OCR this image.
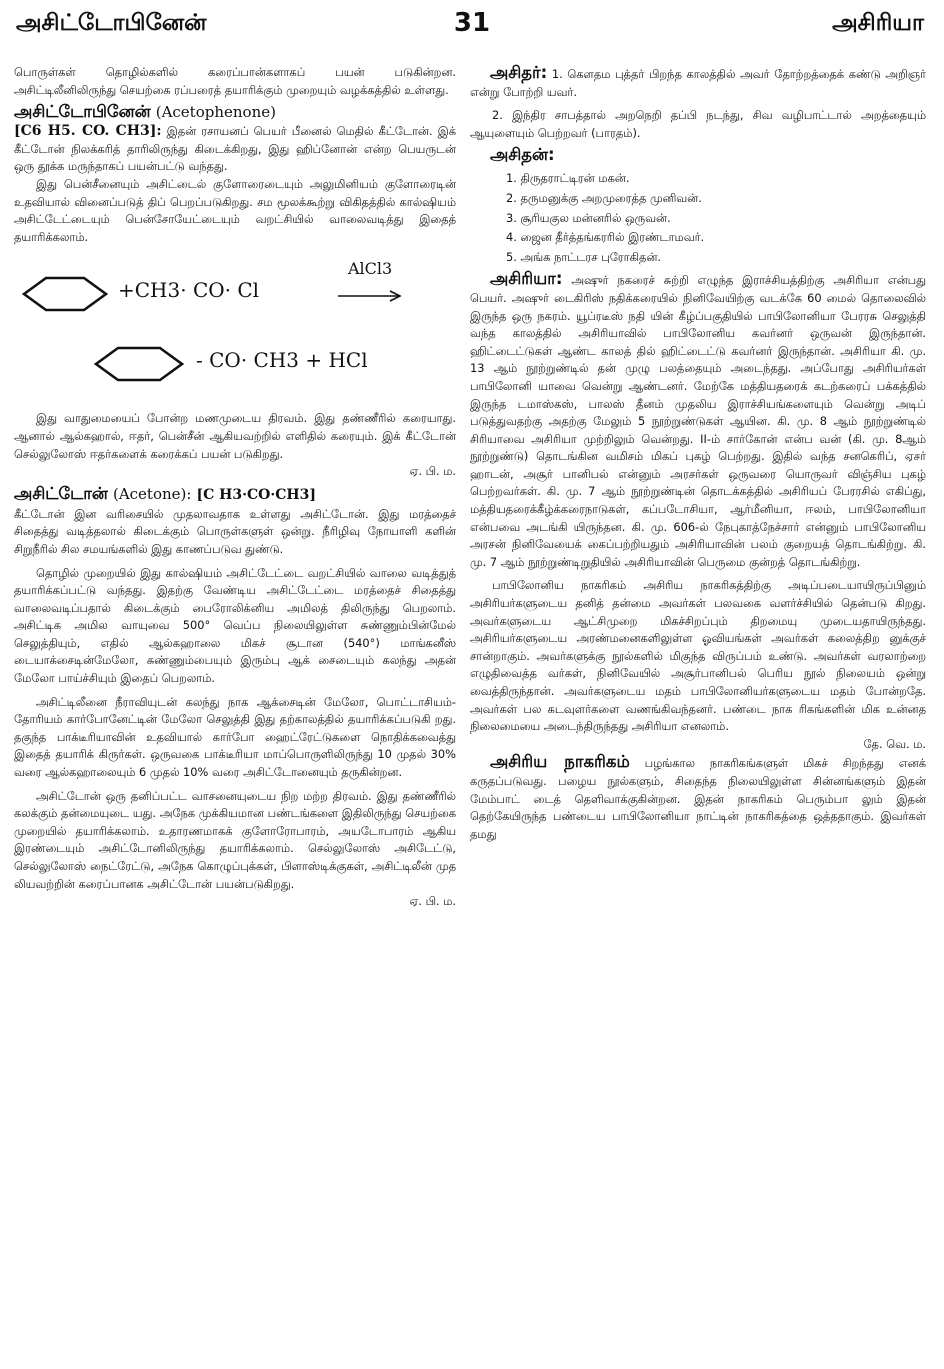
அசிட்டோபினேன்	31	அசிரியா

பொருள்கள் தொழில்களில் கரைப்பான்களாகப் பயன் படுகின்றன. அசிட்டிலீனிலிருந்து செயற்கை ரப்பரைத் தயாரிக்கும் முறையும் வழக்கத்தில் உள்ளது.

அசிட்டோபினேன் (Acetophenone)

[C6 H5. CO. CH3]: இதன் ரசாயனப் பெயர் பீனைல் மெதில் கீட்டோன். இக் கீட்டோன் நிலக்கரித் தாரிலிருந்து கிடைக்கிறது, இது ஹிப்னோன் என்ற பெயருடன் ஒரு தூக்க மருந்தாகப் பயன்பட்டு வந்தது.

இது பென்சீனையும் அசிட்டைல் குளோரைடையும் அலுமினியம் குளோரைடின் உதவியால் வினைப்படுத் திப் பெறப்படுகிறது. சம மூலக்கூற்று விகிதத்தில் கால்ஷியம் அசிட்டேட்டையும் பென்சோயேட்டையும் வறட்சியில் வாலைவடித்து இதைத் தயாரிக்கலாம்.

+CH3· CO· Cl
AlCl3
- CO· CH3 + HCl

இது வாதுமையைப் போன்ற மணமுடைய திரவம். இது தண்ணீரில் கரையாது. ஆனால் ஆல்கஹால், ஈதர், பென்சீன் ஆகியவற்றில் எளிதில் கரையும். இக் கீட்டோன் செல்லுலோஸ் ஈதர்களைக் கரைக்கப் பயன் படுகிறது.

ஏ. பி. ம.

அசிட்டோன் (Acetone): [C H3·CO·CH3]

கீட்டோன் இன வரிசையில் முதலாவதாக உள்ளது அசிட்டோன். இது மரத்தைச் சிதைத்து வடித்தலால் கிடைக்கும் பொருள்களுள் ஒன்று. நீரிழிவு நோயாளி களின் சிறுநீரில் சில சமயங்களில் இது காணப்படுவ துண்டு.

தொழில் முறையில் இது கால்ஷியம் அசிட்டேட்டை வறட்சியில் வாலை வடித்துத் தயாரிக்கப்பட்டு வந்தது. இதற்கு வேண்டிய அசிட்டேட்டை மரத்தைச் சிதைத்து வாலைவடிப்பதால் கிடைக்கும் பைரோலிக்னிய அமிலத் திலிருந்து பெறலாம். அசிட்டிக அமில வாயுவை 500° வெப்ப நிலையிலுள்ள சுண்ணும்பின்மேல் செலுத்தியும், எதில் ஆல்கஹாலை மிகச் சூடான (540°) மாங்கனீஸ் டையாக்சைடின்மேலோ, சுண்ணும்பையும் இரும்பு ஆக் சைடையும் கலந்து அதன் மேலோ பாய்ச்சியும் இதைப் பெறலாம்.

அசிட்டிலீனை நீராவியுடன் கலந்து நாக ஆக்சைடின் மேலோ, பொட்டாசியம்-தோரியம் கார்போனேட்டின் மேலோ செலுத்தி இது தற்காலத்தில் தயாரிக்கப்படுகி றது. தகுந்த பாக்டீரியாவின் உதவியால் கார்போ ஹைட்ரேட்டுகளை நொதிக்கவைத்து இதைத் தயாரிக் கிருர்கள். ஒருவகை பாக்டீரியா மாப்பொருளிலிருந்து 10 முதல் 30% வரை ஆல்கஹாலையும் 6 முதல் 10% வரை அசிட்டோனையும் தருகின்றன.

அசிட்டோன் ஒரு தனிப்பட்ட வாசனையுடைய நிற மற்ற திரவம். இது தண்ணீரில் கலக்கும் தன்மையுடை யது. அநேக முக்கியமான பண்டங்களை இதிலிருந்து செயற்கை முறையில் தயாரிக்கலாம். உதாரணமாகக் குளோரோபாரம், அயடோபாரம் ஆகிய இரண்டையும் அசிட்டோனிலிருந்து தயாரிக்கலாம். செல்லுலோஸ் அசிடேட்டு, செல்லுலோஸ் நைட்ரேட்டு, அநேக கொழுப்புக்கள், பிளாஸ்டிக்குகள், அசிட்டிலீன் முத லியவற்றின் கரைப்பானக அசிட்டோன் பயன்படுகிறது.

ஏ. பி. ம.

அசிதர்: 1. கௌதம புத்தர் பிறந்த காலத்தில் அவர் தோற்றத்தைக் கண்டு அறிஞர் என்று போற்றி யவர்.

2. இந்திர சாபத்தால் அறநெறி தப்பி நடந்து, சிவ வழிபாட்டால் அறத்தையும் ஆயுளையும் பெற்றவர் (பாரதம்).

அசிதன்:

1. திருதராட்டிரன் மகன்.
2. தருமனுக்கு அறமுரைத்த முனிவன்.
3. சூரியகுல மன்னரில் ஒருவன்.
4. ஜைன தீர்த்தங்கரரில் இரண்டாமவர்.
5. அங்க நாட்டரச புரோகிதன்.

அசிரியா: அஷுர் நகரைச் சுற்றி எழுந்த இராச்சியத்திற்கு அசிரியா என்பது பெயர். அஷுர் டைகிரிஸ் நதிக்கரையில் நினிவேயிற்கு வடக்கே 60 மைல் தொலைவில் இருந்த ஒரு நகரம். யூப்ரடீஸ் நதி யின் கீழ்ப்பகுதியில் பாபிலோனியா பேரரசு செலுத்தி வந்த காலத்தில் அசிரியாவில் பாபிலோனிய கவர்னர் ஒருவன் இருந்தான். ஹிட்டைட்டுகள் ஆண்ட காலத் தில் ஹிட்டைட்டு கவர்னர் இருந்தான். அசிரியா கி. மு. 13 ஆம் நூற்றுண்டில் தன் முழு பலத்தையும் அடைந்தது. அப்போது அசிரியர்கள் பாபிலோனி யாவை வென்று ஆண்டனர். மேற்கே மத்தியதரைக் கடற்கரைப் பக்கத்தில் இருந்த டமாஸ்கஸ், பாலஸ் தீனம் முதலிய இராச்சியங்களையும் வென்று அடிப் படுத்துவதற்கு அதற்கு மேலும் 5 நூற்றுண்டுகள் ஆயின. கி. மு. 8 ஆம் நூற்றுண்டில் சிரியாவை அசிரியா முற்றிலும் வென்றது. II-ம் சார்கோன் என்ப வன் (கி. மு. 8ஆம் நூற்றுண்டு) தொடங்கின வமிசம் மிகப் புகழ் பெற்றது. இதில் வந்த சனகெரிப், ஏசர் ஹாடன், அசூர் பானிபல் என்னும் அரசர்கள் ஒருவரை யொருவர் விஞ்சிய புகழ் பெற்றவர்கள். கி. மு. 7 ஆம் நூற்றுண்டின் தொடக்கத்தில் அசிரியப் பேரரசில் எகிப்து, மத்தியதரைக்கீழ்க்கரைநாடுகள், கப்படோசியா, ஆர்மீனியா, ஈலம், பாபிலோனியா என்பவை அடங்கி யிருந்தன. கி. மு. 606-ல் நேபுகாத்நேச்சார் என்னும் பாபிலோனிய அரசன் நினிவேயைக் கைப்பற்றியதும் அசிரியாவின் பலம் குறையத் தொடங்கிற்று. கி. மு. 7 ஆம் நூற்றுண்டிறுதியில் அசிரியாவின் பெருமை குன்றத் தொடங்கிற்று.

பாபிலோனிய நாகரிகம் அசிரிய நாகரிகத்திற்கு அடிப்படையாயிருப்பினும் அசிரியர்களுடைய தனித் தன்மை அவர்கள் பலவகை வளர்ச்சியில் தென்படு கிறது. அவர்களுடைய ஆட்சிமுறை மிகச்சிறப்பும் திறமையு முடையதாயிருந்தது. அசிரியர்களுடைய அரண்மனைகளிலுள்ள ஓவியங்கள் அவர்கள் கலைத்திற னுக்குச் சான்றாகும். அவர்களுக்கு நூல்களில் மிகுந்த விருப்பம் உண்டு. அவர்கள் வரலாற்றை எழுதிவைத்த வர்கள், நினிவேயில் அசூர்பானிபல் பெரிய நூல் நிலையம் ஒன்று வைத்திருந்தான். அவர்களுடைய மதம் பாபிலோனியர்களுடைய மதம் போன்றதே. அவர்கள் பல கடவுளர்களை வணங்கிவந்தனர். பண்டை நாக ரிகங்களின் மிக உன்னத நிலைமையை அடைந்திருந்தது அசிரியா எனலாம்.

தே. வெ. ம.

அசிரிய நாகரிகம் பழங்கால நாகரிகங்களுள் மிகச் சிறந்தது எனக் கருதப்படுவது. பழைய நூல்களும், சிதைந்த நிலையிலுள்ள சின்னங்களும் இதன் மேம்பாட் டைத் தெளிவாக்குகின்றன. இதன் நாகரிகம் பெரும்பா லும் இதன் தெற்கேயிருந்த பண்டைய பாபிலோனியா நாட்டின் நாகரிகத்தை ஒத்ததாகும். இவர்கள் தமது
